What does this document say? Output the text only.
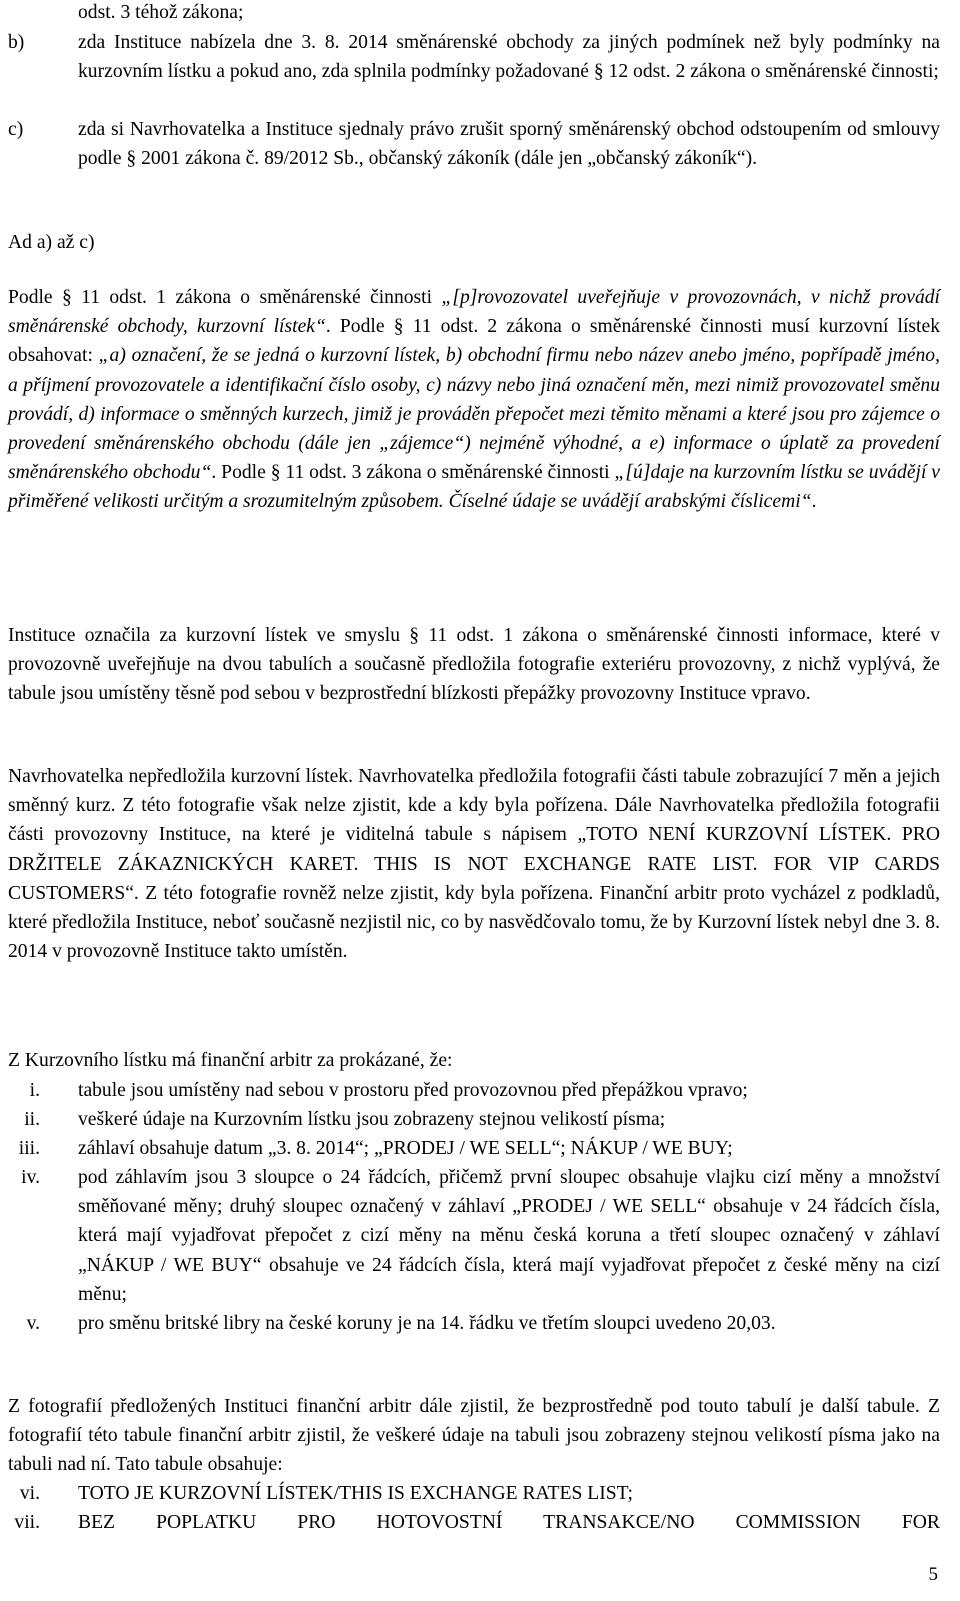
odst. 3 téhož zákona;

b)	zda Instituce nabízela dne 3. 8. 2014 směnárenské obchody za jiných podmínek než byly podmínky na kurzovním lístku a pokud ano, zda splnila podmínky požadované § 12 odst. 2 zákona o směnárenské činnosti;
c)	zda si Navrhovatelka a Instituce sjednaly právo zrušit sporný směnárenský obchod odstoupením od smlouvy podle § 2001 zákona č. 89/2012 Sb., občanský zákoník (dále jen „občanský zákoník“).

Ad a) až c)

Podle § 11 odst. 1 zákona o směnárenské činnosti „[p]rovozovatel uveřejňuje v provozovnách, v nichž provádí směnárenské obchody, kurzovní lístek“. Podle § 11 odst. 2 zákona o směnárenské činnosti musí kurzovní lístek obsahovat: „a) označení, že se jedná o kurzovní lístek, b) obchodní firmu nebo název anebo jméno, popřípadě jméno, a příjmení provozovatele a identifikační číslo osoby, c) názvy nebo jiná označení měn, mezi nimiž provozovatel směnu provádí, d) informace o směnných kurzech, jimiž je prováděn přepočet mezi těmito měnami a které jsou pro zájemce o provedení směnárenského obchodu (dále jen „zájemce“) nejméně výhodné, a e) informace o úplatě za provedení směnárenského obchodu“. Podle § 11 odst. 3 zákona o směnárenské činnosti „[ú]daje na kurzovním lístku se uvádějí v přiměřené velikosti určitým a srozumitelným způsobem. Číselné údaje se uvádějí arabskými číslicemi“.

Instituce označila za kurzovní lístek ve smyslu § 11 odst. 1 zákona o směnárenské činnosti informace, které v provozovně uveřejňuje na dvou tabulích a současně předložila fotografie exteriéru provozovny, z nichž vyplývá, že tabule jsou umístěny těsně pod sebou v bezprostřední blízkosti přepážky provozovny Instituce vpravo.

Navrhovatelka nepředložila kurzovní lístek. Navrhovatelka předložila fotografii části tabule zobrazující 7 měn a jejich směnný kurz. Z této fotografie však nelze zjistit, kde a kdy byla pořízena. Dále Navrhovatelka předložila fotografii části provozovny Instituce, na které je viditelná tabule s nápisem „TOTO NENÍ KURZOVNÍ LÍSTEK. PRO DRŽITELE ZÁKAZNICKÝCH KARET. THIS IS NOT EXCHANGE RATE LIST. FOR VIP CARDS CUSTOMERS“. Z této fotografie rovněž nelze zjistit, kdy byla pořízena. Finanční arbitr proto vycházel z podkladů, které předložila Instituce, neboť současně nezjistil nic, co by nasvědčovalo tomu, že by Kurzovní lístek nebyl dne 3. 8. 2014 v provozovně Instituce takto umístěn.

Z Kurzovního lístku má finanční arbitr za prokázané, že:

i. tabule jsou umístěny nad sebou v prostoru před provozovnou před přepážkou vpravo;
ii. veškeré údaje na Kurzovním lístku jsou zobrazeny stejnou velikostí písma;
iii. záhlaví obsahuje datum „3. 8. 2014“; „PRODEJ / WE SELL“; NÁKUP / WE BUY;
iv. pod záhlavím jsou 3 sloupce o 24 řádcích, přičemž první sloupec obsahuje vlajku cizí měny a množství směňované měny; druhý sloupec označený v záhlaví „PRODEJ / WE SELL“ obsahuje v 24 řádcích čísla, která mají vyjadřovat přepočet z cizí měny na měnu česká koruna a třetí sloupec označený v záhlaví „NÁKUP / WE BUY“ obsahuje ve 24 řádcích čísla, která mají vyjadřovat přepočet z české měny na cizí měnu;
v. pro směnu britské libry na české koruny je na 14. řádku ve třetím sloupci uvedeno 20,03.

Z fotografií předložených Instituci finanční arbitr dále zjistil, že bezprostředně pod touto tabulí je další tabule. Z fotografií této tabule finanční arbitr zjistil, že veškeré údaje na tabuli jsou zobrazeny stejnou velikostí písma jako na tabuli nad ní. Tato tabule obsahuje:

vi. TOTO JE KURZOVNÍ LÍSTEK/THIS IS EXCHANGE RATES LIST;
vii. BEZ POPLATKU PRO HOTOVOSTNÍ TRANSAKCE/NO COMMISSION FOR
5
